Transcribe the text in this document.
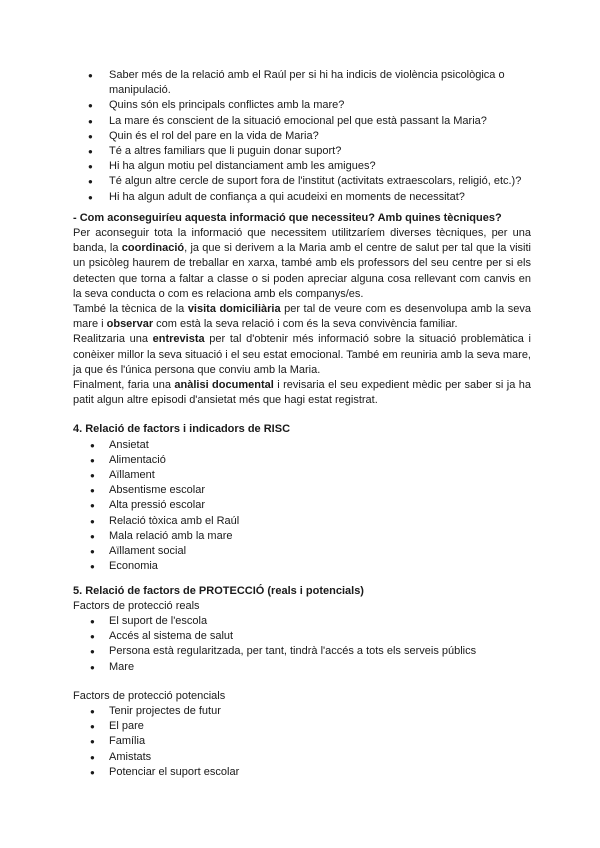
● Saber més de la relació amb el Raúl per si hi ha indicis de violència psicològica o manipulació.
● Quins són els principals conflictes amb la mare?
● La mare és conscient de la situació emocional pel que està passant la Maria?
● Quin és el rol del pare en la vida de Maria?
● Té a altres familiars que li puguin donar suport?
● Hi ha algun motiu pel distanciament amb les amigues?
● Té algun altre cercle de suport fora de l'institut (activitats extraescolars, religió, etc.)?
● Hi ha algun adult de confiança a qui acudeixi en moments de necessitat?
- Com aconseguiríeu aquesta informació que necessiteu? Amb quines tècniques?
Per aconseguir tota la informació que necessitem utilitzaríem diverses tècniques, per una banda, la coordinació, ja que si derivem a la Maria amb el centre de salut per tal que la visiti un psicòleg haurem de treballar en xarxa, també amb els professors del seu centre per si els detecten que torna a faltar a classe o si poden apreciar alguna cosa rellevant com canvis en la seva conducta o com es relaciona amb els companys/es.
També la tècnica de la visita domiciliària per tal de veure com es desenvolupa amb la seva mare i observar com està la seva relació i com és la seva convivència familiar.
Realitzaria una entrevista per tal d'obtenir més informació sobre la situació problemàtica i conèixer millor la seva situació i el seu estat emocional. També em reuniria amb la seva mare, ja que és l'única persona que conviu amb la Maria.
Finalment, faria una anàlisi documental i revisaria el seu expedient mèdic per saber si ja ha patit algun altre episodi d'ansietat més que hagi estat registrat.
4. Relació de factors i indicadors de RISC
● Ansietat
● Alimentació
● Aïllament
● Absentisme escolar
● Alta pressió escolar
● Relació tòxica amb el Raúl
● Mala relació amb la mare
● Aïllament social
● Economia
5. Relació de factors de PROTECCIÓ (reals i potencials)
Factors de protecció reals
● El suport de l'escola
● Accés al sistema de salut
● Persona està regularitzada, per tant, tindrà l'accés a tots els serveis públics
● Mare
Factors de protecció potencials
● Tenir projectes de futur
● El pare
● Família
● Amistats
● Potenciar el suport escolar
